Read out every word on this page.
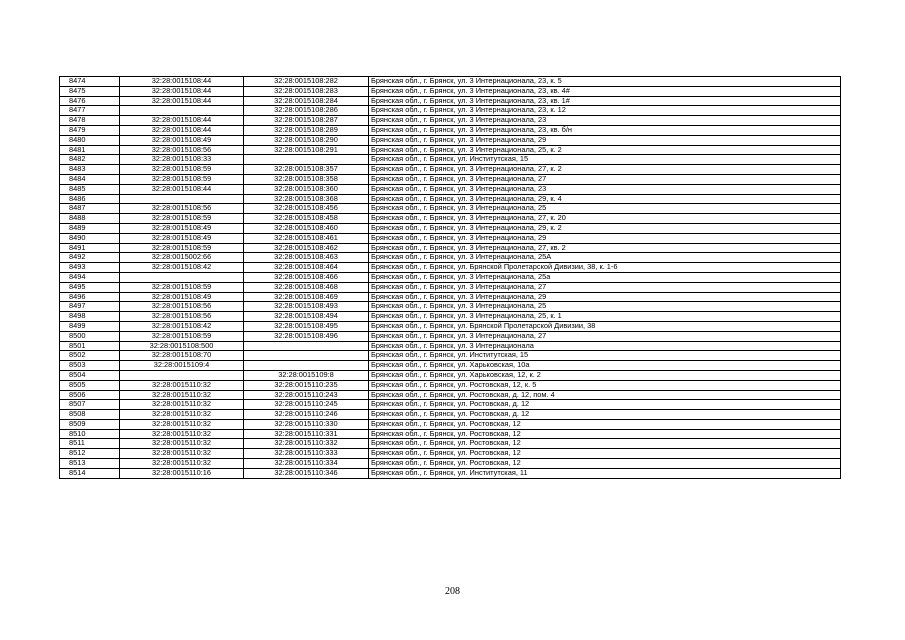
8474	32:28:0015108:44	32:28:0015108:282	Брянская обл., г. Брянск, ул. 3 Интернационала, 23, к. 5
8475	32:28:0015108:44	32:28:0015108:283	Брянская обл., г. Брянск, ул. 3 Интернационала, 23, кв. 4#
8476	32:28:0015108:44	32:28:0015108:284	Брянская обл., г. Брянск, ул. 3 Интернационала, 23, кв. 1#
8477		32:28:0015108:286	Брянская обл., г. Брянск, ул. 3 Интернационала, 23, к. 12
8478	32:28:0015108:44	32:28:0015108:287	Брянская обл., г. Брянск, ул. 3 Интернационала, 23
8479	32:28:0015108:44	32:28:0015108:289	Брянская обл., г. Брянск, ул. 3 Интернационала, 23, кв. б/н
8480	32:28:0015108:49	32:28:0015108:290	Брянская обл., г. Брянск, ул. 3 Интернационала, 29
8481	32:28:0015108:56	32:28:0015108:291	Брянская обл., г. Брянск, ул. 3 Интернационала, 25, к. 2
8482	32:28:0015108:33		Брянская обл., г. Брянск, ул. Институтская, 15
8483	32:28:0015108:59	32:28:0015108:357	Брянская обл., г. Брянск, ул. 3 Интернационала, 27, к. 2
8484	32:28:0015108:59	32:28:0015108:358	Брянская обл., г. Брянск, ул. 3 Интернационала, 27
8485	32:28:0015108:44	32:28:0015108:360	Брянская обл., г. Брянск, ул. 3 Интернационала, 23
8486		32:28:0015108:368	Брянская обл., г. Брянск, ул. 3 Интернационала, 29, к. 4
8487	32:28:0015108:56	32:28:0015108:456	Брянская обл., г. Брянск, ул. 3 Интернационала, 25
8488	32:28:0015108:59	32:28:0015108:458	Брянская обл., г. Брянск, ул. 3 Интернационала, 27, к. 20
8489	32:28:0015108:49	32:28:0015108:460	Брянская обл., г. Брянск, ул. 3 Интернационала, 29, к. 2
8490	32:28:0015108:49	32:28:0015108:461	Брянская обл., г. Брянск, ул. 3 Интернационала, 29
8491	32:28:0015108:59	32:28:0015108:462	Брянская обл., г. Брянск, ул. 3 Интернационала, 27, кв. 2
8492	32:28:0015002:66	32:28:0015108:463	Брянская обл., г. Брянск, ул. 3 Интернационала, 25А
8493	32:28:0015108:42	32:28:0015108:464	Брянская обл., г. Брянск, ул. Брянской Пролетарской Дивизии, 38, к. 1-6
8494		32:28:0015108:466	Брянская обл., г. Брянск, ул. 3 Интернационала, 25а
8495	32:28:0015108:59	32:28:0015108:468	Брянская обл., г. Брянск, ул. 3 Интернационала, 27
8496	32:28:0015108:49	32:28:0015108:469	Брянская обл., г. Брянск, ул. 3 Интернационала, 29
8497	32:28:0015108:56	32:28:0015108:493	Брянская обл., г. Брянск, ул. 3 Интернационала, 25
8498	32:28:0015108:56	32:28:0015108:494	Брянская обл., г. Брянск, ул. 3 Интернационала, 25, к. 1
8499	32:28:0015108:42	32:28:0015108:495	Брянская обл., г. Брянск, ул. Брянской Пролетарской Дивизии, 38
8500	32:28:0015108:59	32:28:0015108:496	Брянская обл., г. Брянск, ул. 3 Интернационала, 27
8501	32:28:0015108:500		Брянская обл., г. Брянск, ул. 3 Интернационала
8502	32:28:0015108:70		Брянская обл., г. Брянск, ул. Институтская, 15
8503	32:28:0015109:4		Брянская обл., г. Брянск, ул. Харьковская, 10а
8504		32:28:0015109:8	Брянская обл., г. Брянск, ул. Харьковская, 12, к. 2
8505	32:28:0015110:32	32:28:0015110:235	Брянская обл., г. Брянск, ул. Ростовская, 12, к. 5
8506	32:28:0015110:32	32:28:0015110:243	Брянская обл., г. Брянск, ул. Ростовская, д. 12, пом. 4
8507	32:28:0015110:32	32:28:0015110:245	Брянская обл., г. Брянск, ул. Ростовская, д. 12
8508	32:28:0015110:32	32:28:0015110:246	Брянская обл., г. Брянск, ул. Ростовская, д. 12
8509	32:28:0015110:32	32:28:0015110:330	Брянская обл., г. Брянск, ул. Ростовская, 12
8510	32:28:0015110:32	32:28:0015110:331	Брянская обл., г. Брянск, ул. Ростовская, 12
8511	32:28:0015110:32	32:28:0015110:332	Брянская обл., г. Брянск, ул. Ростовская, 12
8512	32:28:0015110:32	32:28:0015110:333	Брянская обл., г. Брянск, ул. Ростовская, 12
8513	32:28:0015110:32	32:28:0015110:334	Брянская обл., г. Брянск, ул. Ростовская, 12
8514	32:28:0015110:16	32:28:0015110:346	Брянская обл., г. Брянск, ул. Институтская, 11
208
